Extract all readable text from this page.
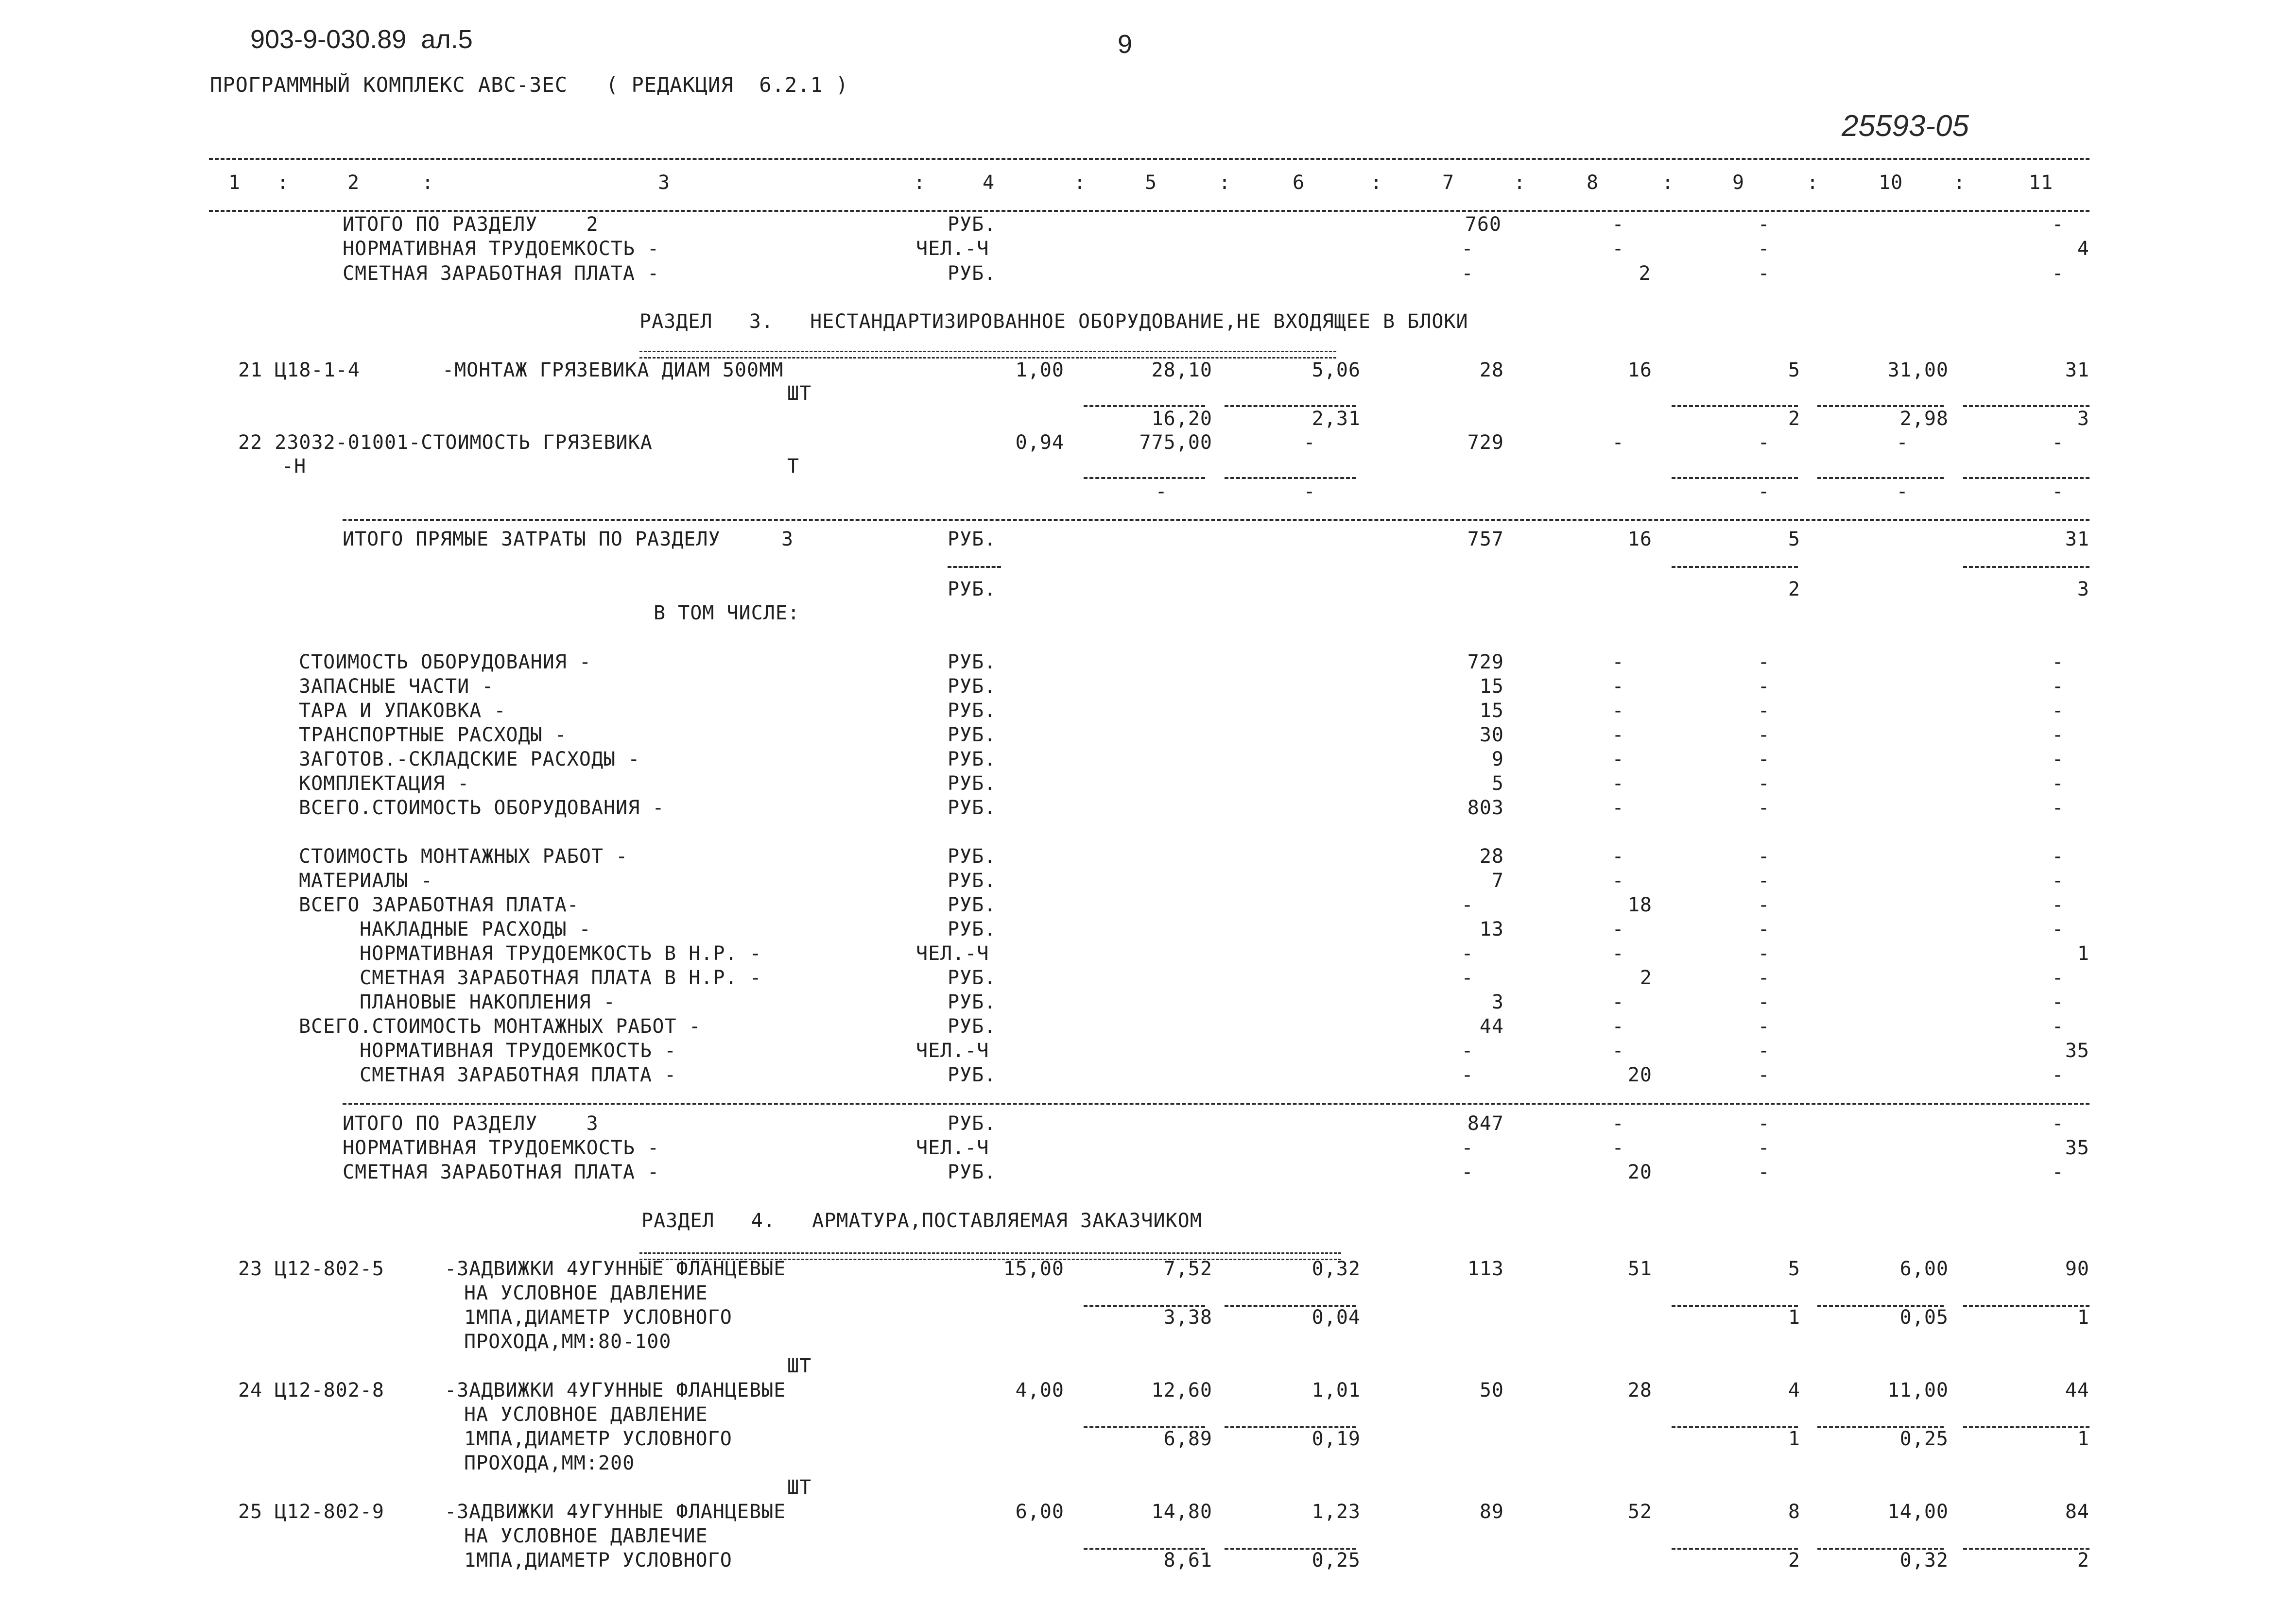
903-9-030.89  ал.5	9
ПРОГРАММНЫЙ КОМПЛЕКС АВС-3ЕС   ( РЕДАКЦИЯ  6.2.1 )
25593-05
1 :	2	:	3	:	4	:	5	:	6	:	7	:	8	:	9	:	10	:	11
ИТОГО ПО РАЗДЕЛУ    2	РУБ.	760	-	-	-
НОРМАТИВНАЯ ТРУДОЕМКОСТЬ -	ЧЕЛ.-Ч	-	-	-	4
СМЕТНАЯ ЗАРАБОТНАЯ ПЛАТА -	РУБ.	-	2	-	-
РАЗДЕЛ   3.   НЕСТАНДАРТИЗИРОВАННОЕ ОБОРУДОВАНИЕ,НЕ ВХОДЯЩЕЕ В БЛОКИ
21 Ц18-1-4	-МОНТАЖ ГРЯЗЕВИКА ДИАМ 500ММ	1,00	28,10	5,06	28	16	5	31,00	31
ШТ
16,20	2,31	2	2,98	3
22 23032-01001-СТОИМОСТЬ ГРЯЗЕВИКА	0,94	775,00	-	729	-	-	-	-
-Н	Т
-	-	-	-	-
ИТОГО ПРЯМЫЕ ЗАТРАТЫ ПО РАЗДЕЛУ     3	РУБ.	757	16	5	31
РУБ.	2	3
В ТОМ ЧИСЛЕ:
СТОИМОСТЬ ОБОРУДОВАНИЯ -	РУБ.	729	-	-	-
ЗАПАСНЫЕ ЧАСТИ -	РУБ.	15	-	-	-
ТАРА И УПАКОВКА -	РУБ.	15	-	-	-
ТРАНСПОРТНЫЕ РАСХОДЫ -	РУБ.	30	-	-	-
ЗАГОТОВ.-СКЛАДСКИЕ РАСХОДЫ -	РУБ.	9	-	-	-
КОМПЛЕКТАЦИЯ -	РУБ.	5	-	-	-
ВСЕГО.СТОИМОСТЬ ОБОРУДОВАНИЯ -	РУБ.	803	-	-	-
СТОИМОСТЬ МОНТАЖНЫХ РАБОТ -	РУБ.	28	-	-	-
МАТЕРИАЛЫ -	РУБ.	7	-	-	-
ВСЕГО ЗАРАБОТНАЯ ПЛАТА-	РУБ.	-	18	-	-
НАКЛАДНЫЕ РАСХОДЫ -	РУБ.	13	-	-	-
НОРМАТИВНАЯ ТРУДОЕМКОСТЬ В Н.Р. -	ЧЕЛ.-Ч	-	-	-	1
СМЕТНАЯ ЗАРАБОТНАЯ ПЛАТА В Н.Р. -	РУБ.	-	2	-	-
ПЛАНОВЫЕ НАКОПЛЕНИЯ -	РУБ.	3	-	-	-
ВСЕГО.СТОИМОСТЬ МОНТАЖНЫХ РАБОТ -	РУБ.	44	-	-	-
НОРМАТИВНАЯ ТРУДОЕМКОСТЬ -	ЧЕЛ.-Ч	-	-	-	35
СМЕТНАЯ ЗАРАБОТНАЯ ПЛАТА -	РУБ.	-	20	-	-
ИТОГО ПО РАЗДЕЛУ    3	РУБ.	847	-	-	-
НОРМАТИВНАЯ ТРУДОЕМКОСТЬ -	ЧЕЛ.-Ч	-	-	-	35
СМЕТНАЯ ЗАРАБОТНАЯ ПЛАТА -	РУБ.	-	20	-	-
РАЗДЕЛ   4.   АРМАТУРА,ПОСТАВЛЯЕМАЯ ЗАКАЗЧИКОМ
23 Ц12-802-5	-ЗАДВИЖКИ 4УГУННЫЕ ФЛАНЦЕВЫЕ	15,00	7,52	0,32	113	51	5	6,00	90
НА УСЛОВНОЕ ДАВЛЕНИЕ
1МПА,ДИАМЕТР УСЛОВНОГО	3,38	0,04	1	0,05	1
ПРОХОДА,ММ:80-100
ШТ
24 Ц12-802-8	-ЗАДВИЖКИ 4УГУННЫЕ ФЛАНЦЕВЫЕ	4,00	12,60	1,01	50	28	4	11,00	44
НА УСЛОВНОЕ ДАВЛЕНИЕ
1МПА,ДИАМЕТР УСЛОВНОГО	6,89	0,19	1	0,25	1
ПРОХОДА,ММ:200
ШТ
25 Ц12-802-9	-ЗАДВИЖКИ 4УГУННЫЕ ФЛАНЦЕВЫЕ	6,00	14,80	1,23	89	52	8	14,00	84
НА УСЛОВНОЕ ДАВЛЕЧИЕ
1МПА,ДИАМЕТР УСЛОВНОГО	8,61	0,25	2	0,32	2
